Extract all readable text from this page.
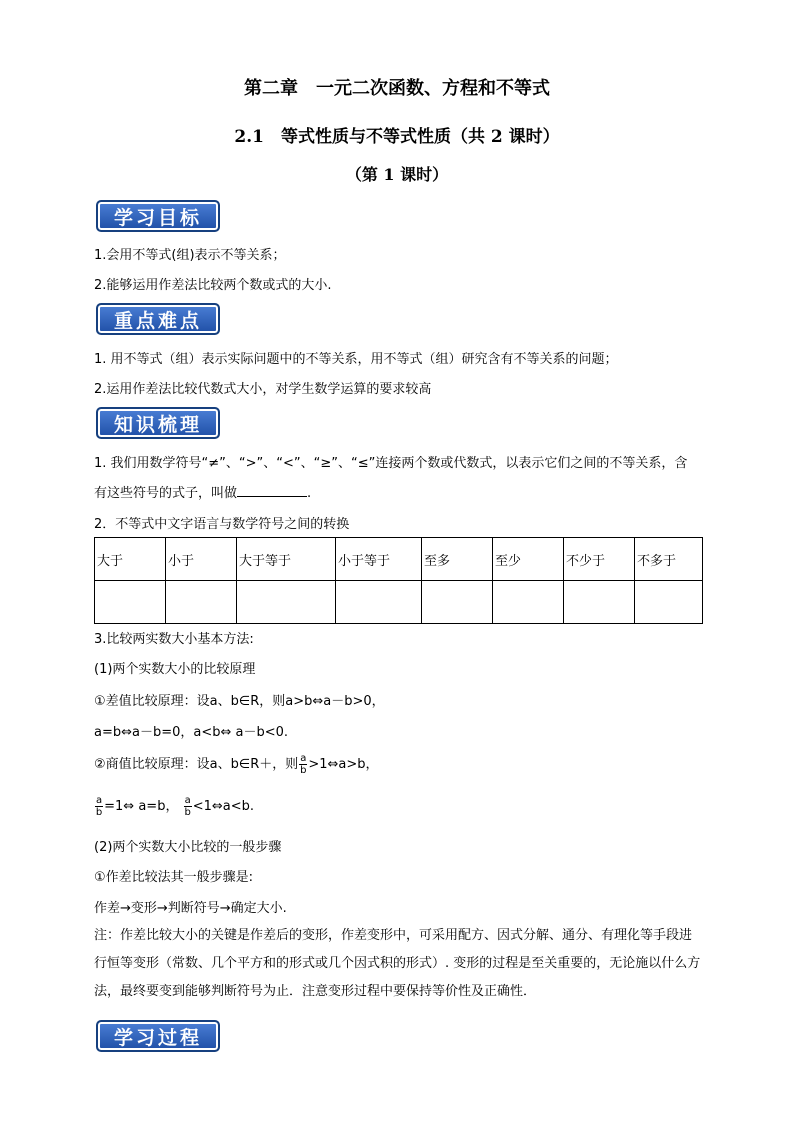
第二章　一元二次函数、方程和不等式
2.1　等式性质与不等式性质（共 2 课时）
（第 1 课时）
学习目标
1.会用不等式(组)表示不等关系；
2.能够运用作差法比较两个数或式的大小.
重点难点
1. 用不等式（组）表示实际问题中的不等关系，用不等式（组）研究含有不等关系的问题；
2.运用作差法比较代数式大小，对学生数学运算的要求较高
知识梳理
1. 我们用数学符号“≠”、“>”、“<”、“≥”、“≤”连接两个数或代数式，以表示它们之间的不等关系，含
有这些符号的式子，叫做	.
2．不等式中文字语言与数学符号之间的转换
大于	小于	大于等于	小于等于	至多	至少	不少于	不多于

3.比较两实数大小基本方法:
(1)两个实数大小的比较原理
①差值比较原理：设a、b∈R，则a>b⇔a－b>0，
a=b⇔a－b=0，a<b⇔ a－b<0.
②商值比较原理：设a、b∈R＋，则 $\frac{a}{b}$ >1⇔a>b，
$\frac{a}{b}$ =1⇔ a=b， $\frac{a}{b}$ <1⇔a<b.
(2)两个实数大小比较的一般步骤
①作差比较法其一般步骤是:
作差→变形→判断符号→确定大小.
注：作差比较大小的关键是作差后的变形，作差变形中，可采用配方、因式分解、通分、有理化等手段进行恒等变形（常数、几个平方和的形式或几个因式积的形式）. 变形的过程是至关重要的，无论施以什么方法，最终要变到能够判断符号为止．注意变形过程中要保持等价性及正确性．
学习过程
